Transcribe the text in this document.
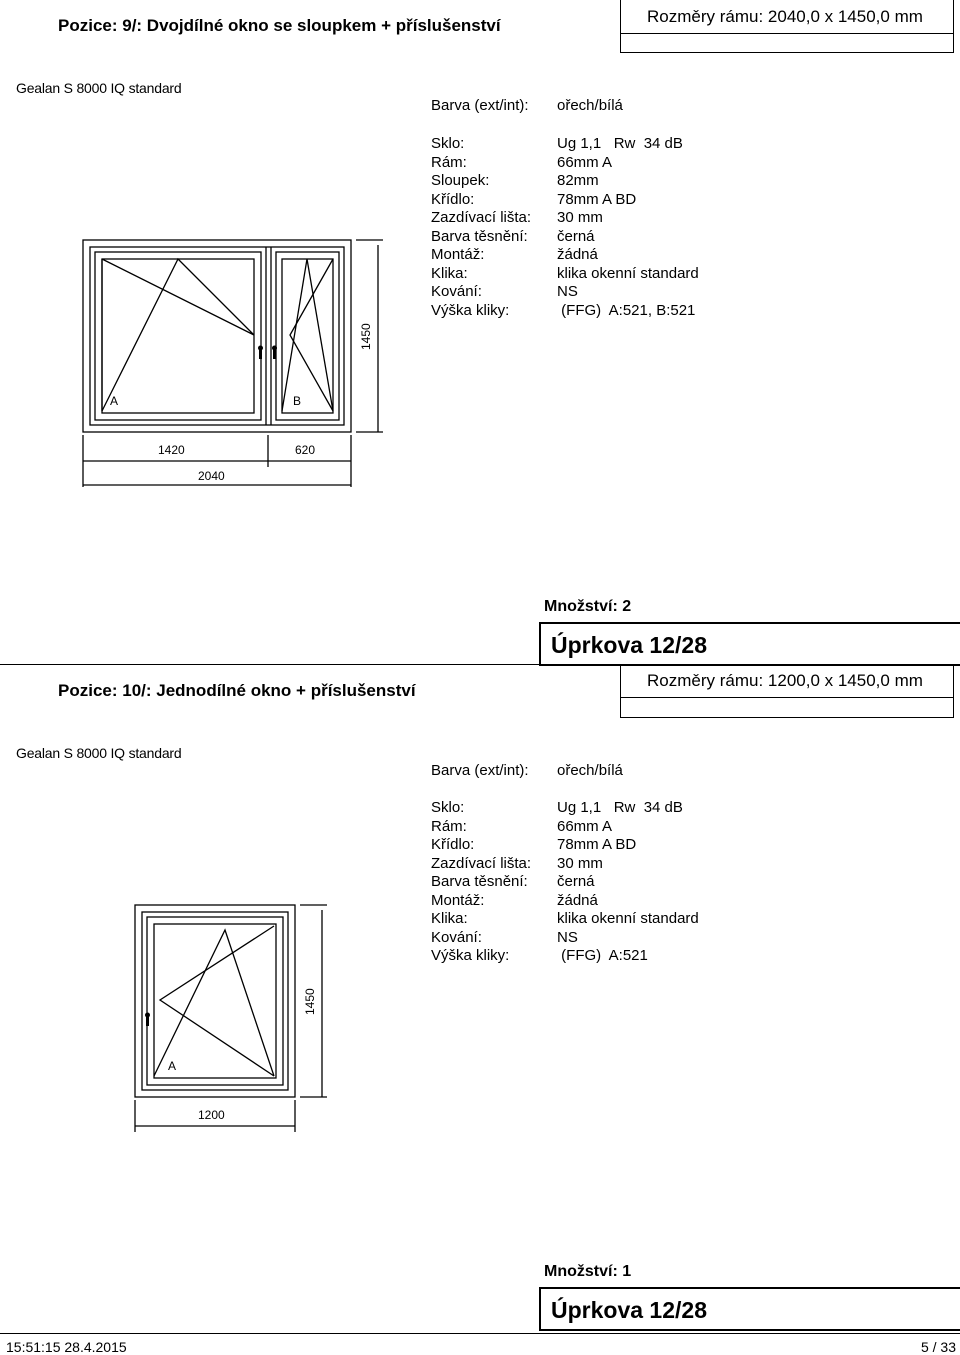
Pozice: 9/: Dvojdílné okno se sloupkem + příslušenství	Rozměry rámu: 2040,0 x 1450,0 mm
Gealan S 8000 IQ standard
Barva (ext/int): ořech/bílá
Sklo:	Ug 1,1   Rw  34 dB
Rám:	66mm A
Sloupek:	82mm
Křídlo:	78mm A BD
Zazdívací lišta: 30 mm
Barva těsnění: černá
Montáž:	žádná
Klika:	klika okenní standard
Kování:	NS
Výška kliky:	(FFG)  A:521, B:521
A	B
1450
1420	620
2040
Množství: 2
Úprkova 12/28
Pozice: 10/: Jednodílné okno + příslušenství
Rozměry rámu: 1200,0 x 1450,0 mm
Gealan S 8000 IQ standard
Barva (ext/int): ořech/bílá
Sklo:	Ug 1,1   Rw  34 dB
Rám:	66mm A
Křídlo:	78mm A BD
Zazdívací lišta: 30 mm
Barva těsnění: černá
Montáž:	žádná
Klika:	klika okenní standard
Kování:	NS
Výška kliky:	(FFG)  A:521
A
1450
1200
Množství: 1
Úprkova 12/28
15:51:15 28.4.2015	5 / 33
